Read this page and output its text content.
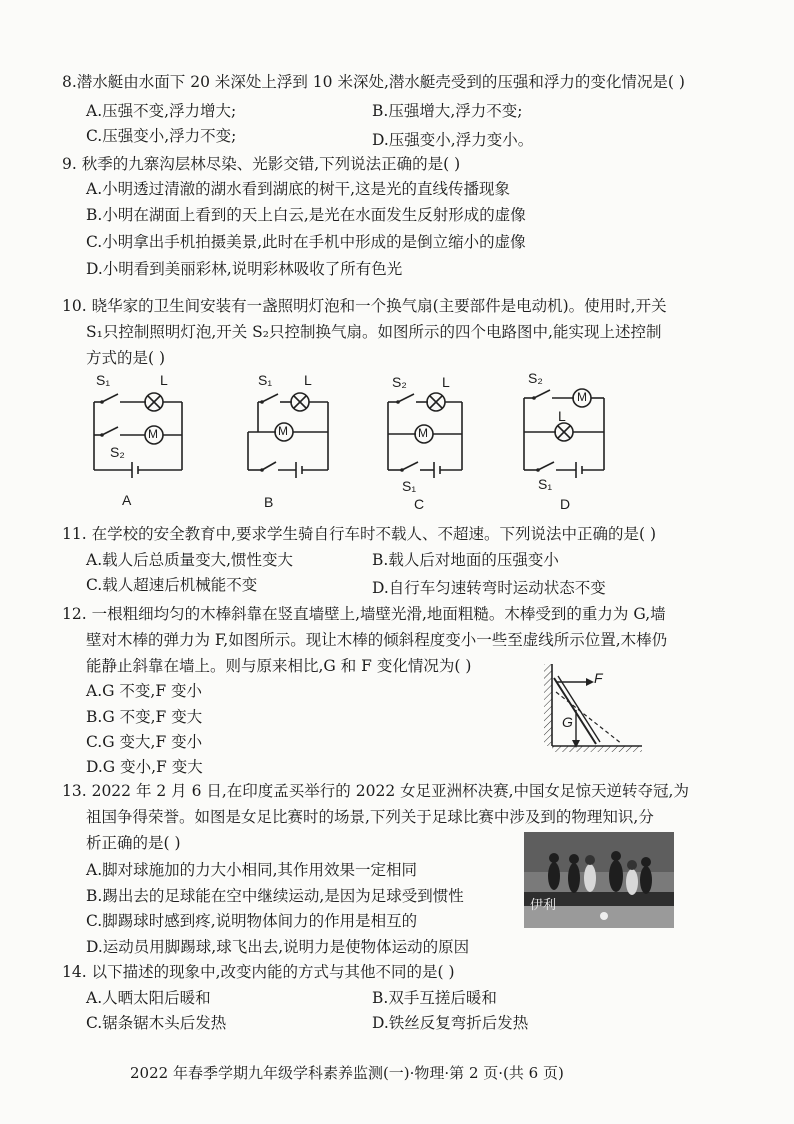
8.潜水艇由水面下 20 米深处上浮到 10 米深处,潜水艇壳受到的压强和浮力的变化情况是( )
A.压强不变,浮力增大;	B.压强增大,浮力不变;
C.压强变小,浮力不变;	D.压强变小,浮力变小。
9. 秋季的九寨沟层林尽染、光影交错,下列说法正确的是( )
A.小明透过清澈的湖水看到湖底的树干,这是光的直线传播现象
B.小明在湖面上看到的天上白云,是光在水面发生反射形成的虚像
C.小明拿出手机拍摄美景,此时在手机中形成的是倒立缩小的虚像
D.小明看到美丽彩林,说明彩林吸收了所有色光
10. 晓华家的卫生间安装有一盏照明灯泡和一个换气扇(主要部件是电动机)。使用时,开关
S₁只控制照明灯泡,开关 S₂只控制换气扇。如图所示的四个电路图中,能实现上述控制
方式的是( )
S₁	L
M
S₂
A
S₁ L
M
B
S₂	L
M
S₁
C
S₂
M
L
S₁
D
11. 在学校的安全教育中,要求学生骑自行车时不载人、不超速。下列说法中正确的是( )
A.载人后总质量变大,惯性变大	B.载人后对地面的压强变小
C.载人超速后机械能不变	D.自行车匀速转弯时运动状态不变
12. 一根粗细均匀的木棒斜靠在竖直墙壁上,墙壁光滑,地面粗糙。木棒受到的重力为 G,墙
壁对木棒的弹力为 F,如图所示。现让木棒的倾斜程度变小一些至虚线所示位置,木棒仍
能静止斜靠在墙上。则与原来相比,G 和 F 变化情况为( )
A.G 不变,F 变小
B.G 不变,F 变大
C.G 变大,F 变小
D.G 变小,F 变大
F
G
13. 2022 年 2 月 6 日,在印度孟买举行的 2022 女足亚洲杯决赛,中国女足惊天逆转夺冠,为
祖国争得荣誉。如图是女足比赛时的场景,下列关于足球比赛中涉及到的物理知识,分
析正确的是( )
A.脚对球施加的力大小相同,其作用效果一定相同
B.踢出去的足球能在空中继续运动,是因为足球受到惯性
C.脚踢球时感到疼,说明物体间力的作用是相互的
D.运动员用脚踢球,球飞出去,说明力是使物体运动的原因
伊利
14. 以下描述的现象中,改变内能的方式与其他不同的是( )
A.人晒太阳后暖和	B.双手互搓后暖和
C.锯条锯木头后发热	D.铁丝反复弯折后发热
2022 年春季学期九年级学科素养监测(一)·物理·第 2 页·(共 6 页)
